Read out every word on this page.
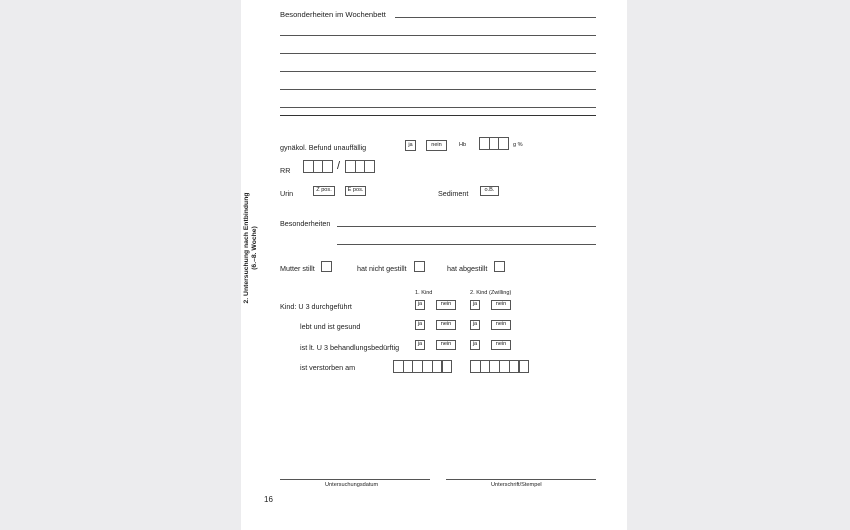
Besonderheiten im Wochenbett
2. Untersuchung nach Entbindung (6.–8. Woche)
gynäkol. Befund unauffällig	ja	nein	Hb	g %
RR	/
Urin	Z pos.	E pos.	Sediment	o.B.
Besonderheiten
Mutter stillt	hat nicht gestillt	hat abgestillt
1. Kind	2. Kind (Zwilling)
Kind: U 3 durchgeführt	ja	nein	ja	nein
lebt und ist gesund	ja	nein	ja	nein
ist lt. U 3 behandlungsbedürftig	ja	nein	ja	nein
ist verstorben am
Untersuchungsdatum	Unterschrift/Stempel
16
